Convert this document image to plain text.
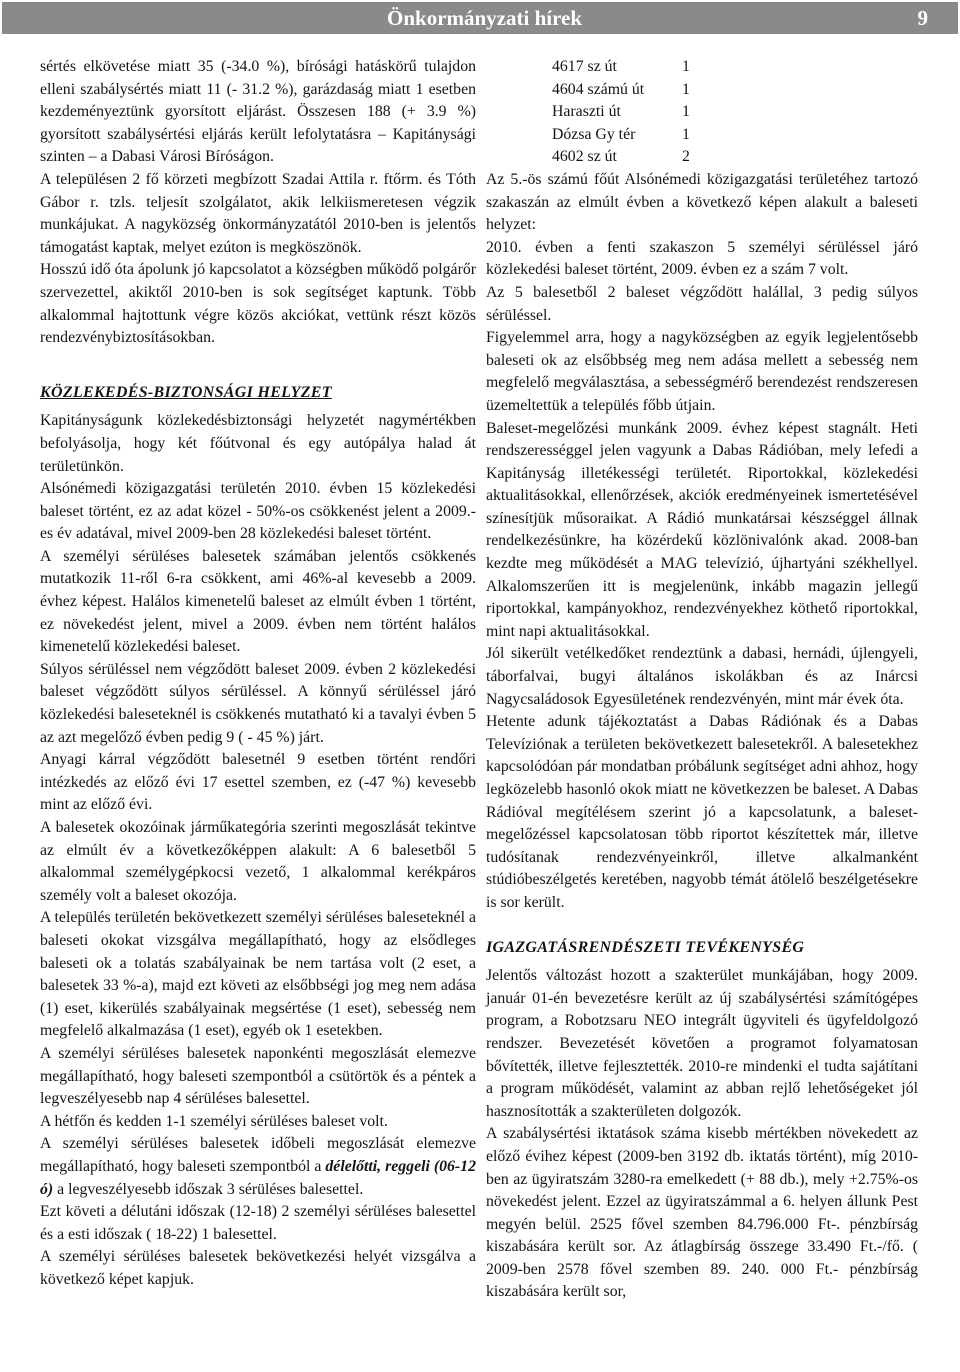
Önkormányzati hírek	9

sértés elkövetése miatt 35 (-34.0 %), bírósági hatáskörű tulajdon elleni szabálysértés miatt 11 (- 31.2 %), garázdaság miatt 1 esetben kezdeményeztünk gyorsított eljárást. Összesen 188 (+ 3.9 %) gyorsított szabálysértési eljárás került lefolytatásra – Kapitánysági szinten – a Dabasi Városi Bíróságon.

A településen 2 fő körzeti megbízott Szadai Attila r. ftőrm. és Tóth Gábor r. tzls. teljesít szolgálatot, akik lelkiismeretesen végzik munkájukat. A nagyközség önkormányzatától 2010-ben is jelentős támogatást kaptak, melyet ezúton is megköszönök.

Hosszú idő óta ápolunk jó kapcsolatot a községben működő polgárőr szervezettel, akiktől 2010-ben is sok segítséget kaptunk. Több alkalommal hajtottunk végre közös akciókat, vettünk részt közös rendezvénybiztosításokban.

KÖZLEKEDÉS-BIZTONSÁGI HELYZET

Kapitányságunk közlekedésbiztonsági helyzetét nagymértékben befolyásolja, hogy két főútvonal és egy autópálya halad át területünkön.

Alsónémedi közigazgatási területén 2010. évben 15 közlekedési baleset történt, ez az adat közel - 50%-os csökkenést jelent a 2009.-es év adatával, mivel 2009-ben 28 közlekedési baleset történt.

A személyi sérüléses balesetek számában jelentős csökkenés mutatkozik 11-ről 6-ra csökkent, ami 46%-al kevesebb a 2009. évhez képest. Halálos kimenetelű baleset az elmúlt évben 1 történt, ez növekedést jelent, mivel a 2009. évben nem történt halálos kimenetelű közlekedési baleset.

Súlyos sérüléssel nem végződött baleset 2009. évben 2 közlekedési baleset végződött súlyos sérüléssel. A könnyű sérüléssel járó közlekedési baleseteknél is csökkenés mutatható ki a tavalyi évben 5 az azt megelőző évben pedig 9 ( - 45 %) járt.

Anyagi kárral végződött balesetnél 9 esetben történt rendőri intézkedés az előző évi 17 esettel szemben, ez (-47 %) kevesebb mint az előző évi.

A balesetek okozóinak járműkategória szerinti megoszlását tekintve az elmúlt év a következőképpen alakult: A 6 balesetből 5 alkalommal személygépkocsi vezető, 1 alkalommal kerékpáros személy volt a baleset okozója.

A település területén bekövetkezett személyi sérüléses baleseteknél a baleseti okokat vizsgálva megállapítható, hogy az elsődleges baleseti ok a tolatás szabályainak be nem tartása volt (2 eset, a balesetek 33 %-a), majd ezt követi az elsőbbségi jog meg nem adása (1) eset, kikerülés szabályainak megsértése (1 eset), sebesség nem megfelelő alkalmazása (1 eset), egyéb ok 1 esetekben.

A személyi sérüléses balesetek naponkénti megoszlását elemezve megállapítható, hogy baleseti szempontból a csütörtök és a péntek a legveszélyesebb nap 4 sérüléses balesettel.

A hétfőn és kedden 1-1 személyi sérüléses baleset volt.

A személyi sérüléses balesetek időbeli megoszlását elemezve megállapítható, hogy baleseti szempontból a délelőtti, reggeli (06-12 ó) a legveszélyesebb időszak 3 sérüléses balesettel.

Ezt követi a délutáni időszak (12-18) 2 személyi sérüléses balesettel és a esti időszak ( 18-22) 1 balesettel.

A személyi sérüléses balesetek bekövetkezési helyét vizsgálva a következő képet kapjuk.

4617 sz út	1
4604 számú út	1
Haraszti út	1
Dózsa Gy tér	1
4602 sz út	2

Az 5.-ös számú főút Alsónémedi közigazgatási területéhez tartozó szakaszán az elmúlt évben a következő képen alakult a baleseti helyzet:

2010. évben a fenti szakaszon 5 személyi sérüléssel járó közlekedési baleset történt, 2009. évben ez a szám 7 volt.

Az 5 balesetből 2 baleset végződött halállal, 3 pedig súlyos sérüléssel.

Figyelemmel arra, hogy a nagyközségben az egyik legjelentősebb baleseti ok az elsőbbség meg nem adása mellett a sebesség nem megfelelő megválasztása, a sebességmérő berendezést rendszeresen üzemeltettük a település főbb útjain.

Baleset-megelőzési munkánk 2009. évhez képest stagnált. Heti rendszerességgel jelen vagyunk a Dabas Rádióban, mely lefedi a Kapitányság illetékességi területét. Riportokkal, közlekedési aktualitásokkal, ellenőrzések, akciók eredményeinek ismertetésével színesítjük műsoraikat. A Rádió munkatársai készséggel állnak rendelkezésünkre, ha közérdekű közlönivalónk akad. 2008-ban kezdte meg működését a MAG televízió, újhartyáni székhellyel. Alkalomszerűen itt is megjelenünk, inkább magazin jellegű riportokkal, kampányokhoz, rendezvényekhez köthető riportokkal, mint napi aktualitásokkal.

Jól sikerült vetélkedőket rendeztünk a dabasi, hernádi, újlengyeli, táborfalvai, bugyi általános iskolákban és az Inárcsi Nagycsaládosok Egyesületének rendezvényén, mint már évek óta.

Hetente adunk tájékoztatást a Dabas Rádiónak és a Dabas Televíziónak a területen bekövetkezett balesetekről. A balesetekhez kapcsolódóan pár mondatban próbálunk segítséget adni ahhoz, hogy legközelebb hasonló okok miatt ne következzen be baleset. A Dabas Rádióval megítélésem szerint jó a kapcsolatunk, a baleset-megelőzéssel kapcsolatosan több riportot készítettek már, illetve tudósítanak rendezvényeinkről, illetve alkalmanként stúdióbeszélgetés keretében, nagyobb témát átölelő beszélgetésekre is sor került.

IGAZGATÁSRENDÉSZETI TEVÉKENYSÉG

Jelentős változást hozott a szakterület munkájában, hogy 2009. január 01-én bevezetésre került az új szabálysértési számítógépes program, a Robotzsaru NEO integrált ügyviteli és ügyfeldolgozó rendszer. Bevezetését követően a programot folyamatosan bővítették, illetve fejlesztették. 2010-re mindenki el tudta sajátítani a program működését, valamint az abban rejlő lehetőségeket jól hasznosították a szakterületen dolgozók.

A szabálysértési iktatások száma kisebb mértékben növekedett az előző évihez képest (2009-ben 3192 db. iktatás történt), míg 2010-ben az ügyiratszám 3280-ra emelkedett (+ 88 db.), mely +2.75%-os növekedést jelent. Ezzel az ügyiratszámmal a 6. helyen állunk Pest megyén belül. 2525 fővel szemben 84.796.000 Ft-. pénzbírság kiszabására került sor. Az átlagbírság összege 33.490 Ft.-/fő. ( 2009-ben 2578 fővel szemben 89. 240. 000 Ft.- pénzbírság kiszabására került sor,
